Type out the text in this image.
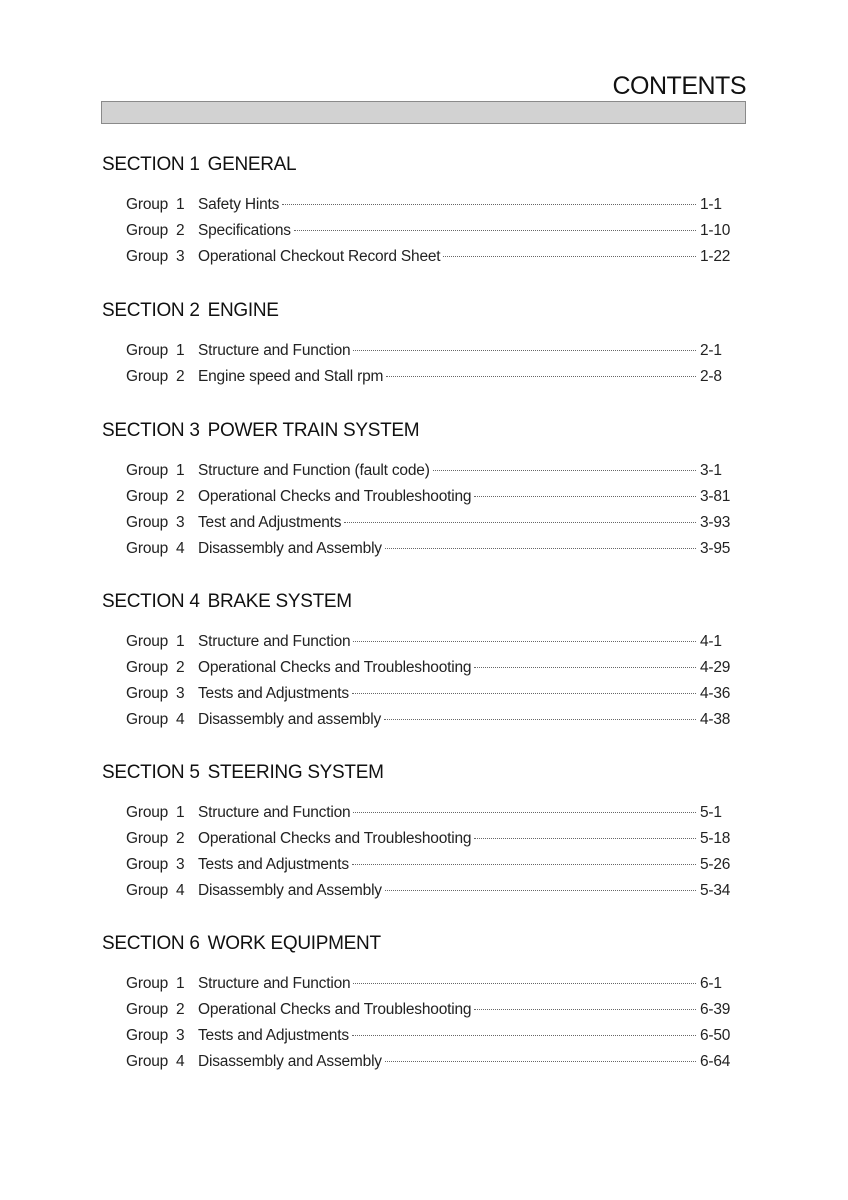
CONTENTS
SECTION 1 GENERAL
Group 1 Safety Hints	1-1
Group 2 Specifications	1-10
Group 3 Operational Checkout Record Sheet	1-22
SECTION 2 ENGINE
Group 1 Structure and Function	2-1
Group 2 Engine speed and Stall rpm	2-8
SECTION 3 POWER TRAIN SYSTEM
Group 1 Structure and Function (fault code)	3-1
Group 2 Operational Checks and Troubleshooting	3-81
Group 3 Test and Adjustments	3-93
Group 4 Disassembly and Assembly	3-95
SECTION 4 BRAKE SYSTEM
Group 1 Structure and Function	4-1
Group 2 Operational Checks and Troubleshooting	4-29
Group 3 Tests and Adjustments	4-36
Group 4 Disassembly and assembly	4-38
SECTION 5 STEERING SYSTEM
Group 1 Structure and Function	5-1
Group 2 Operational Checks and Troubleshooting	5-18
Group 3 Tests and Adjustments	5-26
Group 4 Disassembly and Assembly	5-34
SECTION 6 WORK EQUIPMENT
Group 1 Structure and Function	6-1
Group 2 Operational Checks and Troubleshooting	6-39
Group 3 Tests and Adjustments	6-50
Group 4 Disassembly and Assembly	6-64
